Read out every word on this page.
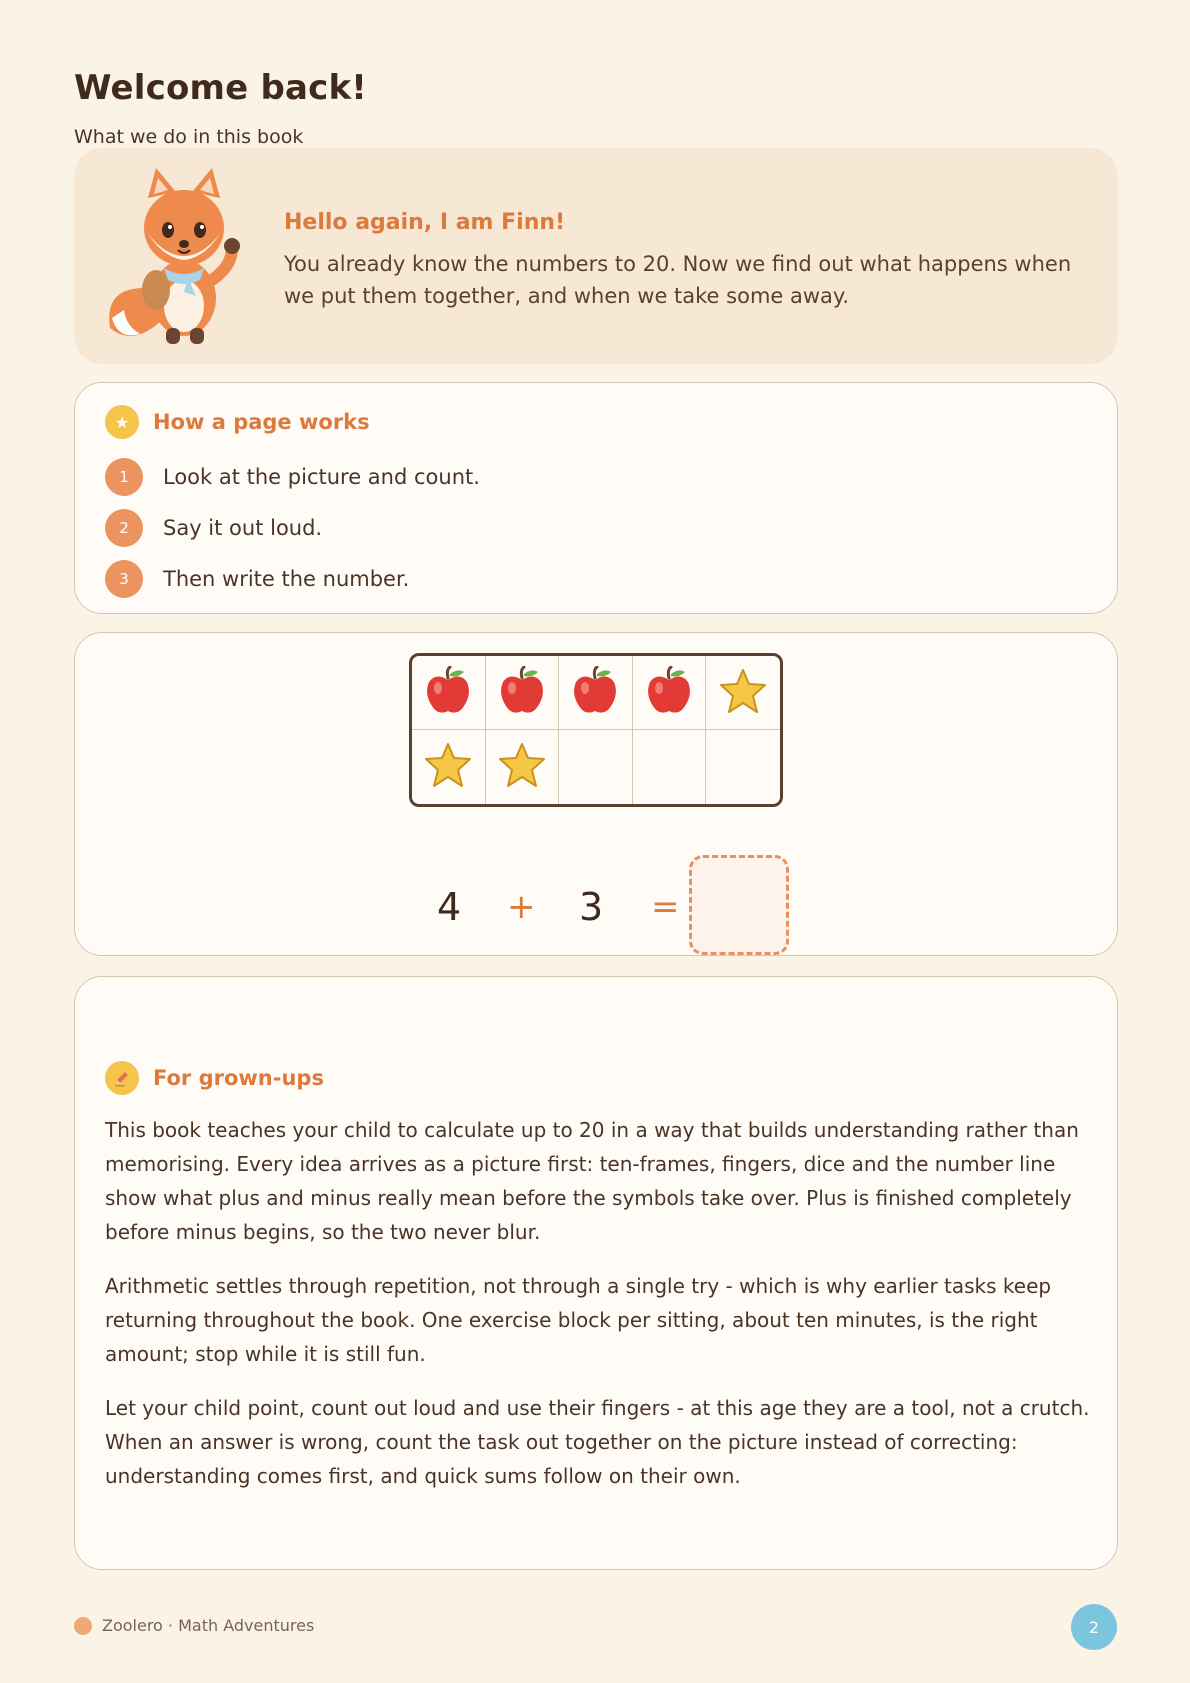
Welcome back!
What we do in this book
Hello again, I am Finn!
You already know the numbers to 20. Now we find out what happens when we put them together, and when we take some away.
★	How a page works
1	Look at the picture and count.
2	Say it out loud.
3	Then write the number.
4 + 3 =
For grown-ups

This book teaches your child to calculate up to 20 in a way that builds understanding rather than memorising. Every idea arrives as a picture first: ten-frames, fingers, dice and the number line show what plus and minus really mean before the symbols take over. Plus is finished completely before minus begins, so the two never blur.

Arithmetic settles through repetition, not through a single try - which is why earlier tasks keep returning throughout the book. One exercise block per sitting, about ten minutes, is the right amount; stop while it is still fun.

Let your child point, count out loud and use their fingers - at this age they are a tool, not a crutch. When an answer is wrong, count the task out together on the picture instead of correcting: understanding comes first, and quick sums follow on their own.

Zoolero · Math Adventures	2
